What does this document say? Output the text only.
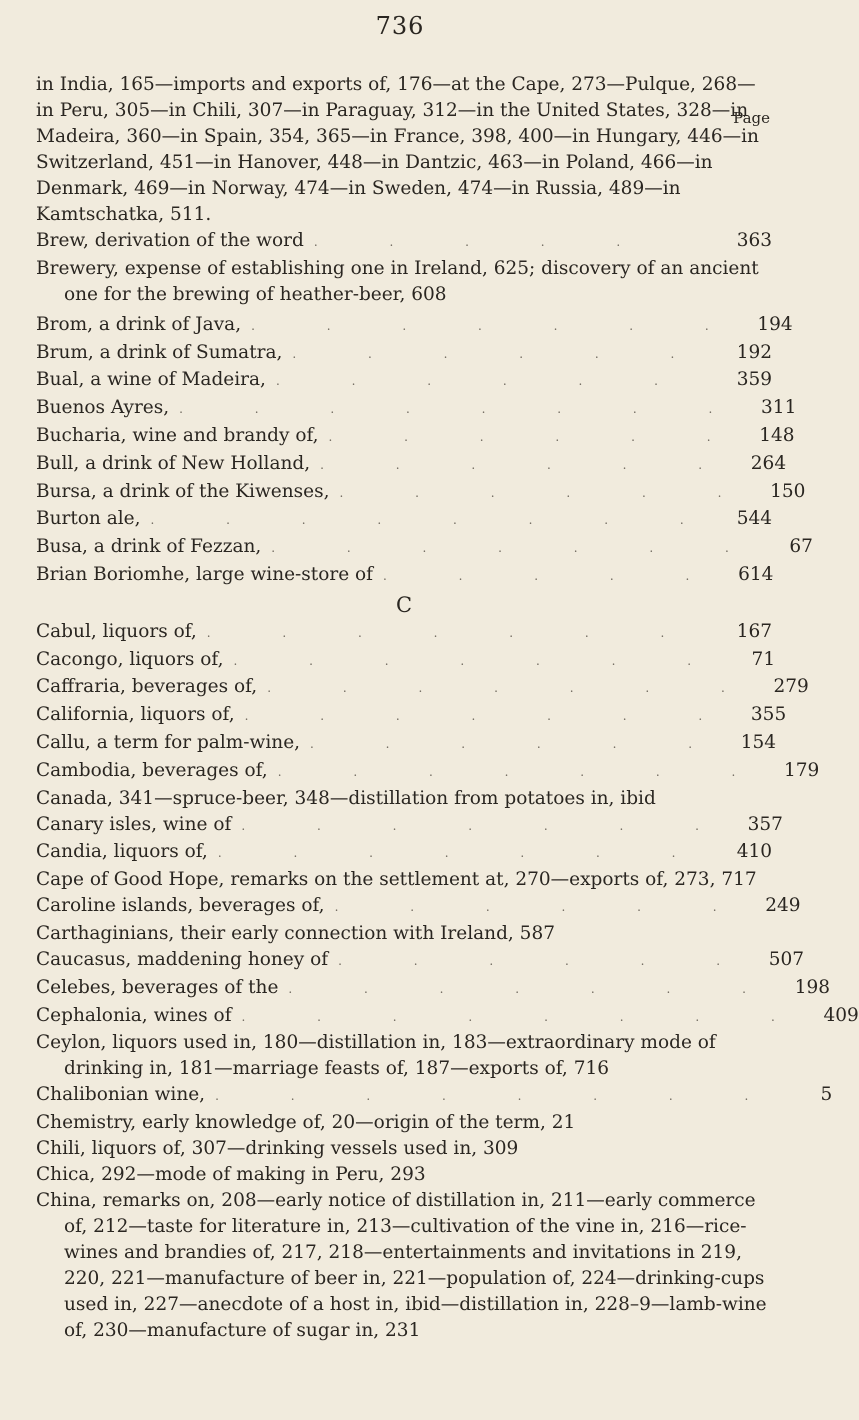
736
Page

in India, 165—imports and exports of, 176—at the Cape, 273—Pulque, 268—in Peru, 305—in Chili, 307—in Paraguay, 312—in the United States, 328—in Madeira, 360—in Spain, 354, 365—in France, 398, 400—in Hungary, 446—in Switzerland, 451—in Hanover, 448—in Dantzic, 463—in Poland, 466—in Denmark, 469—in Norway, 474—in Sweden, 474—in Russia, 489—in Kamtschatka, 511.

Brew, derivation of the word . . . . .	363

Brewery, expense of establishing one in Ireland, 625; discovery of an ancient one for the brewing of heather-beer, 608

Brom, a drink of Java, . . . . . . . 194
Brum, a drink of Sumatra, . . . . . .	192
Bual, a wine of Madeira, . . . . . .	359
Buenos Ayres, . . . . . . . . 311
Bucharia, wine and brandy of, . . . . . . 148
Bull, a drink of New Holland, . . . . . . 264
Bursa, a drink of the Kiwenses, . . . . . . 150
Burton ale, . . . . . . . .	544
Busa, a drink of Fezzan, . . . . . . .	67
Brian Boriomhe, large wine-store of . . . . . 614
C
Cabul, liquors of, . . . . . . .	167
Cacongo, liquors of, . . . . . . .	71
Caffraria, beverages of, . . . . . . . 279
California, liquors of, . . . . . . . 355
Callu, a term for palm-wine, . . . . . . 154
Cambodia, beverages of, . . . . . . . 179

Canada, 341—spruce-beer, 348—distillation from potatoes in, ibid

Canary isles, wine of . . . . . . . 357
Candia, liquors of, . . . . . . .	410

Cape of Good Hope, remarks on the settlement at, 270—exports of, 273, 717

Caroline islands, beverages of, . . . . . . 249

Carthaginians, their early connection with Ireland, 587

Caucasus, maddening honey of . . . . . . 507
Celebes, beverages of the . . . . . . . 198
Cephalonia, wines of . . . . . . . . 409

Ceylon, liquors used in, 180—distillation in, 183—extraordinary mode of drinking in, 181—marriage feasts of, 187—exports of, 716

Chalibonian wine, . . . . . . . .	5

Chemistry, early knowledge of, 20—origin of the term, 21

Chili, liquors of, 307—drinking vessels used in, 309

Chica, 292—mode of making in Peru, 293

China, remarks on, 208—early notice of distillation in, 211—early commerce of, 212—taste for literature in, 213—cultivation of the vine in, 216—rice-wines and brandies of, 217, 218—entertainments and invitations in 219, 220, 221—manufacture of beer in, 221—population of, 224—drinking-cups used in, 227—anecdote of a host in, ibid—distillation in, 228–9—lamb-wine of, 230—manufacture of sugar in, 231
